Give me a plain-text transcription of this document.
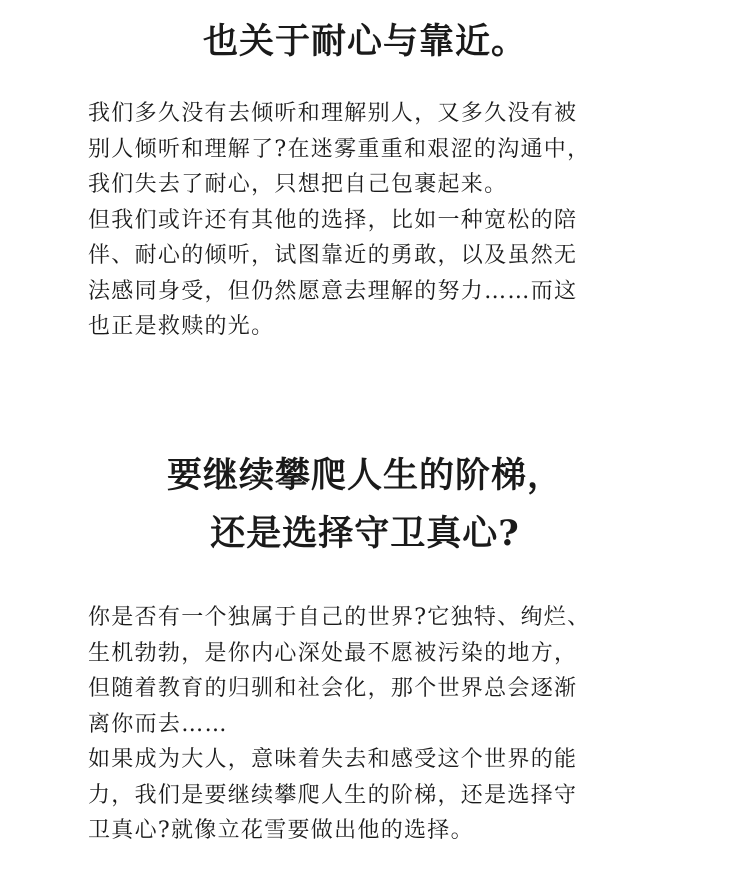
也关于耐心与靠近。

我们多久没有去倾听和理解别人，又多久没有被
别人倾听和理解了?在迷雾重重和艰涩的沟通中，
我们失去了耐心，只想把自己包裹起来。
但我们或许还有其他的选择，比如一种宽松的陪
伴、耐心的倾听，试图靠近的勇敢，以及虽然无
法感同身受，但仍然愿意去理解的努力……而这
也正是救赎的光。

要继续攀爬人生的阶梯，
还是选择守卫真心?

你是否有一个独属于自己的世界?它独特、绚烂、
生机勃勃，是你内心深处最不愿被污染的地方，
但随着教育的归驯和社会化，那个世界总会逐渐
离你而去……
如果成为大人，意味着失去和感受这个世界的能
力，我们是要继续攀爬人生的阶梯，还是选择守
卫真心?就像立花雪要做出他的选择。
